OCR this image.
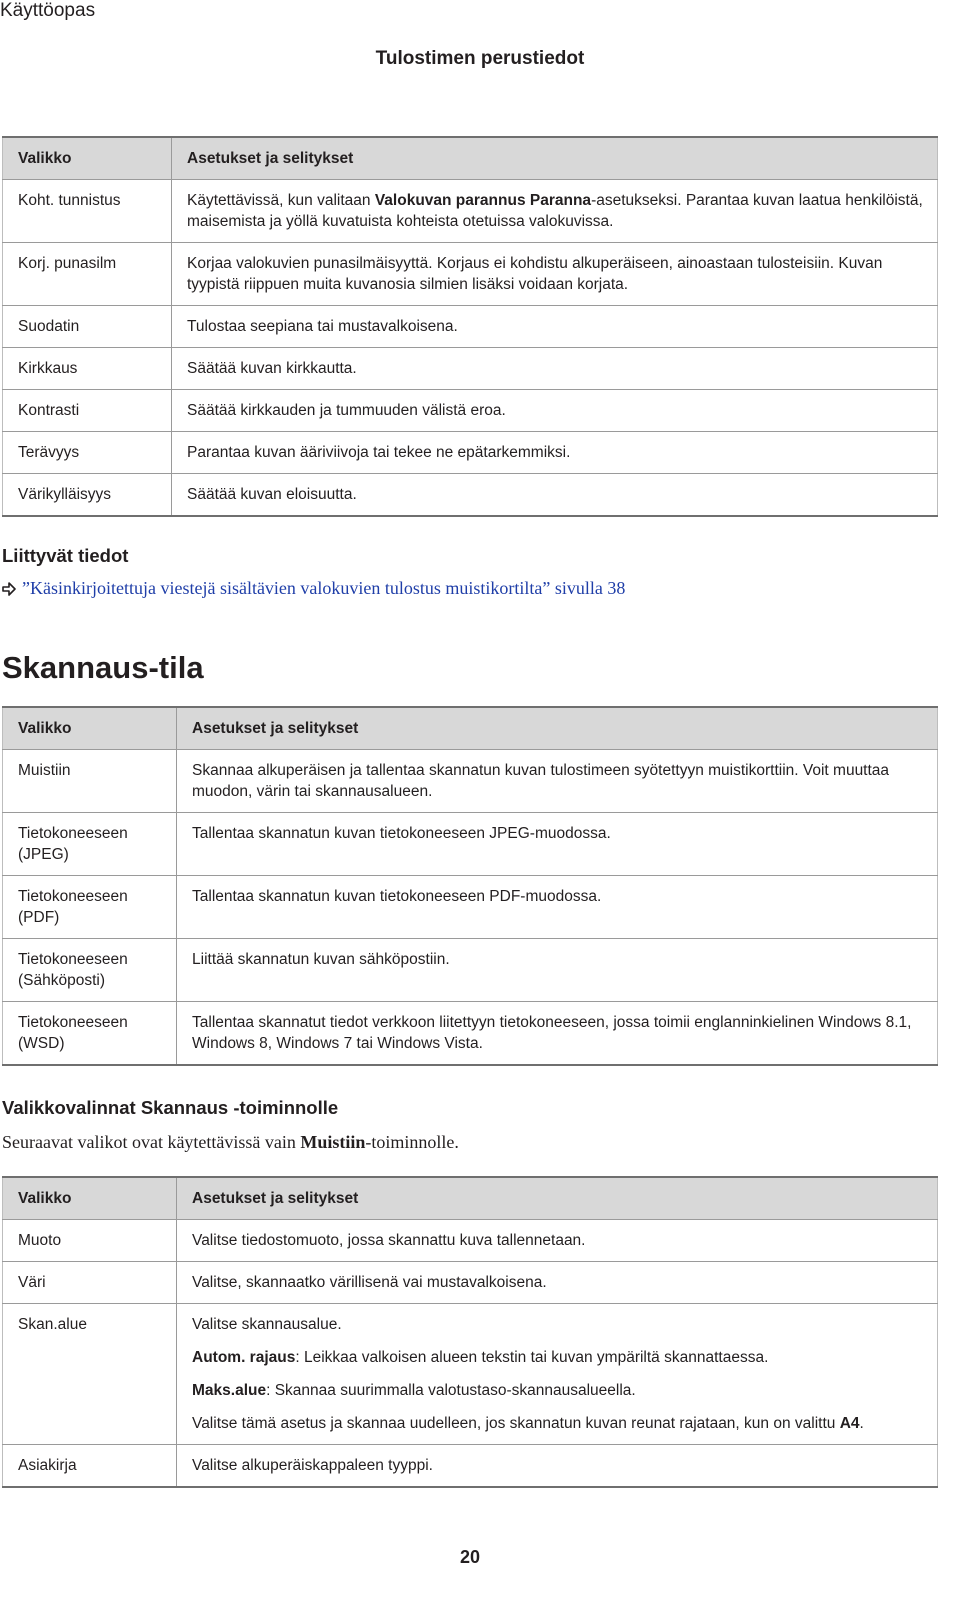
Käyttöopas
Tulostimen perustiedot
Valikko	Asetukset ja selitykset
Koht. tunnistus	Käytettävissä, kun valitaan Valokuvan parannus Paranna-asetukseksi. Parantaa kuvan laatua henkilöistä, maisemista ja yöllä kuvatuista kohteista otetuissa valokuvissa.
Korj. punasilm	Korjaa valokuvien punasilmäisyyttä. Korjaus ei kohdistu alkuperäiseen, ainoastaan tulosteisiin. Kuvan tyypistä riippuen muita kuvanosia silmien lisäksi voidaan korjata.
Suodatin	Tulostaa seepiana tai mustavalkoisena.
Kirkkaus	Säätää kuvan kirkkautta.
Kontrasti	Säätää kirkkauden ja tummuuden välistä eroa.
Terävyys	Parantaa kuvan ääriviivoja tai tekee ne epätarkemmiksi.
Värikylläisyys	Säätää kuvan eloisuutta.
Liittyvät tiedot
”Käsinkirjoitettuja viestejä sisältävien valokuvien tulostus muistikortilta” sivulla 38
Skannaus-tila
Valikko	Asetukset ja selitykset
Muistiin	Skannaa alkuperäisen ja tallentaa skannatun kuvan tulostimeen syötettyyn muistikorttiin. Voit muuttaa muodon, värin tai skannausalueen.
Tietokoneeseen (JPEG)	Tallentaa skannatun kuvan tietokoneeseen JPEG-muodossa.
Tietokoneeseen (PDF)	Tallentaa skannatun kuvan tietokoneeseen PDF-muodossa.
Tietokoneeseen (Sähköposti)	Liittää skannatun kuvan sähköpostiin.
Tietokoneeseen (WSD)	Tallentaa skannatut tiedot verkkoon liitettyyn tietokoneeseen, jossa toimii englanninkielinen Windows 8.1, Windows 8, Windows 7 tai Windows Vista.
Valikkovalinnat Skannaus -toiminnolle
Seuraavat valikot ovat käytettävissä vain Muistiin-toiminnolle.
Valikko	Asetukset ja selitykset
Muoto	Valitse tiedostomuoto, jossa skannattu kuva tallennetaan.
Väri	Valitse, skannaatko värillisenä vai mustavalkoisena.
Skan.alue	Valitse skannausalue.

Autom. rajaus: Leikkaa valkoisen alueen tekstin tai kuvan ympäriltä skannattaessa.

Maks.alue: Skannaa suurimmalla valotustaso-skannausalueella.

Valitse tämä asetus ja skannaa uudelleen, jos skannatun kuvan reunat rajataan, kun on valittu A4.

Asiakirja	Valitse alkuperäiskappaleen tyyppi.
20
